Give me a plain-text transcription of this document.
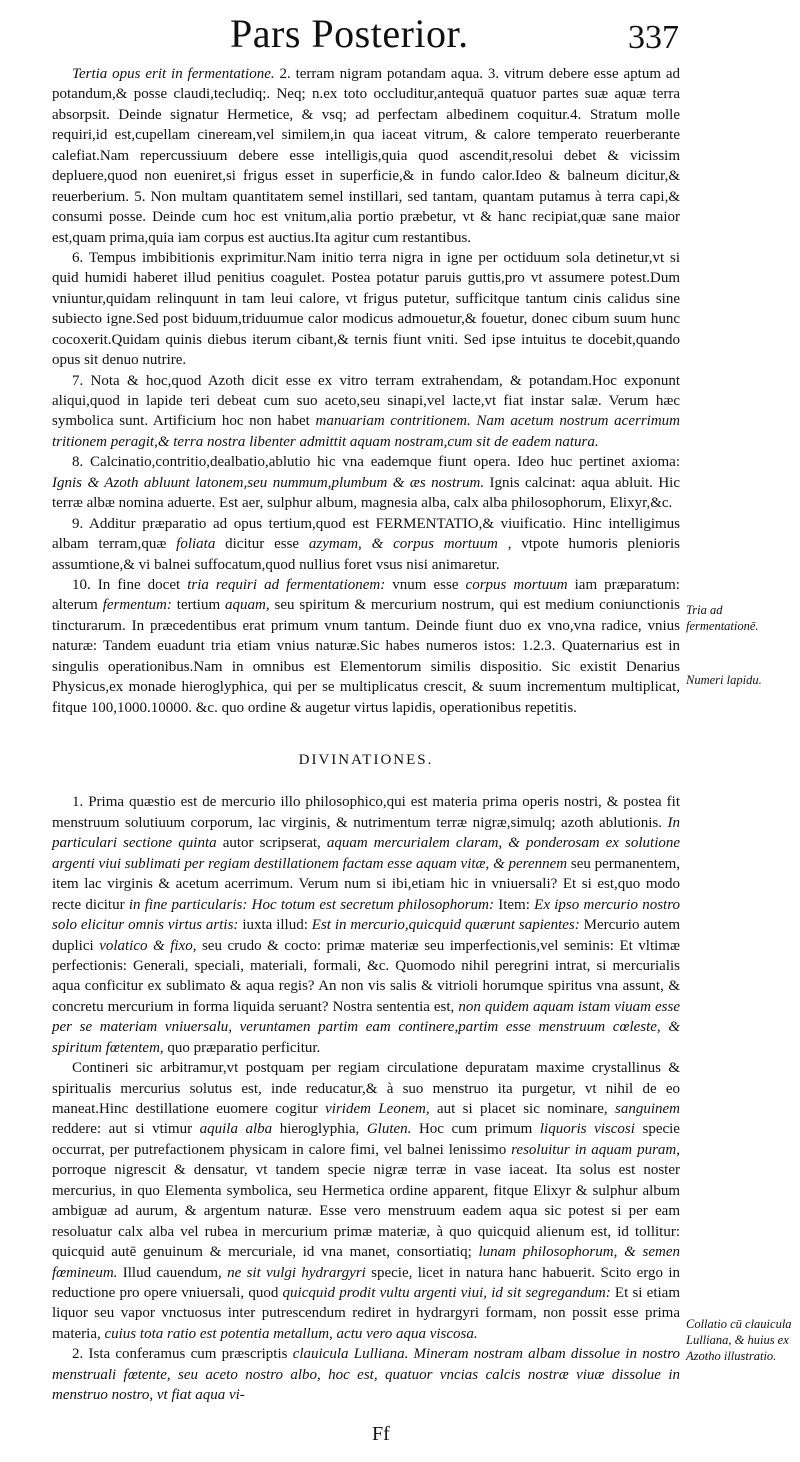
Pars Posterior.	337

Tertia opus erit in fermentatione. 2. terram nigram potandam aqua. 3. vitrum debere esse aptum ad potandum,& posse claudi,tecludiq;. Neq; n.ex toto occluditur,antequā quatuor partes suæ aquæ terra absorpsit. Deinde signatur Hermetice, & vsq; ad perfectam albedinem coquitur.4. Stratum molle requiri,id est,cupellam cineream,vel similem,in qua iaceat vitrum, & calore temperato reuerberante calefiat.Nam repercussiuum debere esse intelligis,quia quod ascendit,resolui debet & vicissim depluere,quod non eueniret,si frigus esset in superficie,& in fundo calor.Ideo & balneum dicitur,& reuerberium. 5. Non multam quantitatem semel instillari, sed tantam, quantam putamus à terra capi,& consumi posse. Deinde cum hoc est vnitum,alia portio præbetur, vt & hanc recipiat,quæ sane maior est,quam prima,quia iam corpus est auctius.Ita agitur cum restantibus.

6. Tempus imbibitionis exprimitur.Nam initio terra nigra in igne per octiduum sola detinetur,vt si quid humidi haberet illud penitius coagulet. Postea potatur paruis guttis,pro vt assumere potest.Dum vniuntur,quidam relinquunt in tam leui calore, vt frigus putetur, sufficitque tantum cinis calidus sine subiecto igne.Sed post biduum,triduumue calor modicus admouetur,& fouetur, donec cibum suum hunc cocoxerit.Quidam quinis diebus iterum cibant,& ternis fiunt vniti. Sed ipse intuitus te docebit,quando opus sit denuo nutrire.

7. Nota & hoc,quod Azoth dicit esse ex vitro terram extrahendam, & potandam.Hoc exponunt aliqui,quod in lapide teri debeat cum suo aceto,seu sinapi,vel lacte,vt fiat instar salæ. Verum hæc symbolica sunt. Artificium hoc non habet manuariam contritionem. Nam acetum nostrum acerrimum tritionem peragit,& terra nostra libenter admittit aquam nostram,cum sit de eadem natura.

8. Calcinatio,contritio,dealbatio,ablutio hic vna eademque fiunt opera. Ideo huc pertinet axioma: Ignis & Azoth abluunt latonem,seu nummum,plumbum & æs nostrum. Ignis calcinat: aqua abluit. Hic terræ albæ nomina aduerte. Est aer, sulphur album, magnesia alba, calx alba philosophorum, Elixyr,&c.

9. Additur præparatio ad opus tertium,quod est FERMENTATIO,& viuificatio. Hinc intelligimus albam terram,quæ foliata dicitur esse azymam, & corpus mortuum , vtpote humoris plenioris assumtione,& vi balnei suffocatum,quod nullius foret vsus nisi animaretur.

10. In fine docet tria requiri ad fermentationem: vnum esse corpus mortuum iam præparatum: alterum fermentum: tertium aquam, seu spiritum & mercurium nostrum, qui est medium coniunctionis tincturarum. In præcedentibus erat primum vnum tantum. Deinde fiunt duo ex vno,vna radice, vnius naturæ: Tandem euadunt tria etiam vnius naturæ.Sic habes numeros istos: 1.2.3. Quaternarius est in singulis operationibus.Nam in omnibus est Elementorum similis dispositio. Sic existit Denarius Physicus,ex monade hieroglyphica, qui per se multiplicatus crescit, & suum incrementum multiplicat, fitque 100,1000.10000. &c. quo ordine & augetur virtus lapidis, operationibus repetitis.

DIVINATIONES.

1. Prima quæstio est de mercurio illo philosophico,qui est materia prima operis nostri, & postea fit menstruum solutiuum corporum, lac virginis, & nutrimentum terræ nigræ,simulq; azoth ablutionis. In particulari sectione quinta autor scripserat, aquam mercurialem claram, & ponderosam ex solutione argenti viui sublimati per regiam destillationem factam esse aquam vitæ, & perennem seu permanentem, item lac virginis & acetum acerrimum. Verum num si ibi,etiam hic in vniuersali? Et si est,quo modo recte dicitur in fine particularis: Hoc totum est secretum philosophorum: Item: Ex ipso mercurio nostro solo elicitur omnis virtus artis: iuxta illud: Est in mercurio,quicquid quærunt sapientes: Mercurio autem duplici volatico & fixo, seu crudo & cocto: primæ materiæ seu imperfectionis,vel seminis: Et vltimæ perfectionis: Generali, speciali, materiali, formali, &c. Quomodo nihil peregrini intrat, si mercurialis aqua conficitur ex sublimato & aqua regis? An non vis salis & vitrioli horumque spiritus vna assunt, & concretu mercurium in forma liquida seruant? Nostra sententia est, non quidem aquam istam viuam esse per se materiam vniuersalu, veruntamen partim eam continere,partim esse menstruum cœleste, & spiritum fœtentem, quo præparatio perficitur.

Contineri sic arbitramur,vt postquam per regiam circulatione depuratam maxime crystallinus & spiritualis mercurius solutus est, inde reducatur,& à suo menstruo ita purgetur, vt nihil de eo maneat.Hinc destillatione euomere cogitur viridem Leonem, aut si placet sic nominare, sanguinem reddere: aut si vtimur aquila alba hieroglyphia, Gluten. Hoc cum primum liquoris viscosi specie occurrat, per putrefactionem physicam in calore fimi, vel balnei lenissimo resoluitur in aquam puram, porroque nigrescit & densatur, vt tandem specie nigræ terræ in vase iaceat. Ita solus est noster mercurius, in quo Elementa symbolica, seu Hermetica ordine apparent, fitque Elixyr & sulphur album ambiguæ ad aurum, & argentum naturæ. Esse vero menstruum eadem aqua sic potest si per eam resoluatur calx alba vel rubea in mercurium primæ materiæ, à quo quicquid alienum est, id tollitur: quicquid autē genuinum & mercuriale, id vna manet, consortiatiq; lunam philosophorum, & semen fœmineum. Illud cauendum, ne sit vulgi hydrargyri specie, licet in natura hanc habuerit. Scito ergo in reductione pro opere vniuersali, quod quicquid prodit vultu argenti viui, id sit segregandum: Et si etiam liquor seu vapor vnctuosus inter putrescendum rediret in hydrargyri formam, non possit esse prima materia, cuius tota ratio est potentia metallum, actu vero aqua viscosa.

2. Ista conferamus cum præscriptis clauicula Lulliana. Mineram nostram albam dissolue in nostro menstruali fœtente, seu aceto nostro albo, hoc est, quatuor vncias calcis nostræ viuæ dissolue in menstruo nostro, vt fiat aqua vi-

Tria ad fermentationē.
Numeri lapidu.
Collatio cū clauicula Lulliana, & huius ex Azotho illustratio.
Ff
